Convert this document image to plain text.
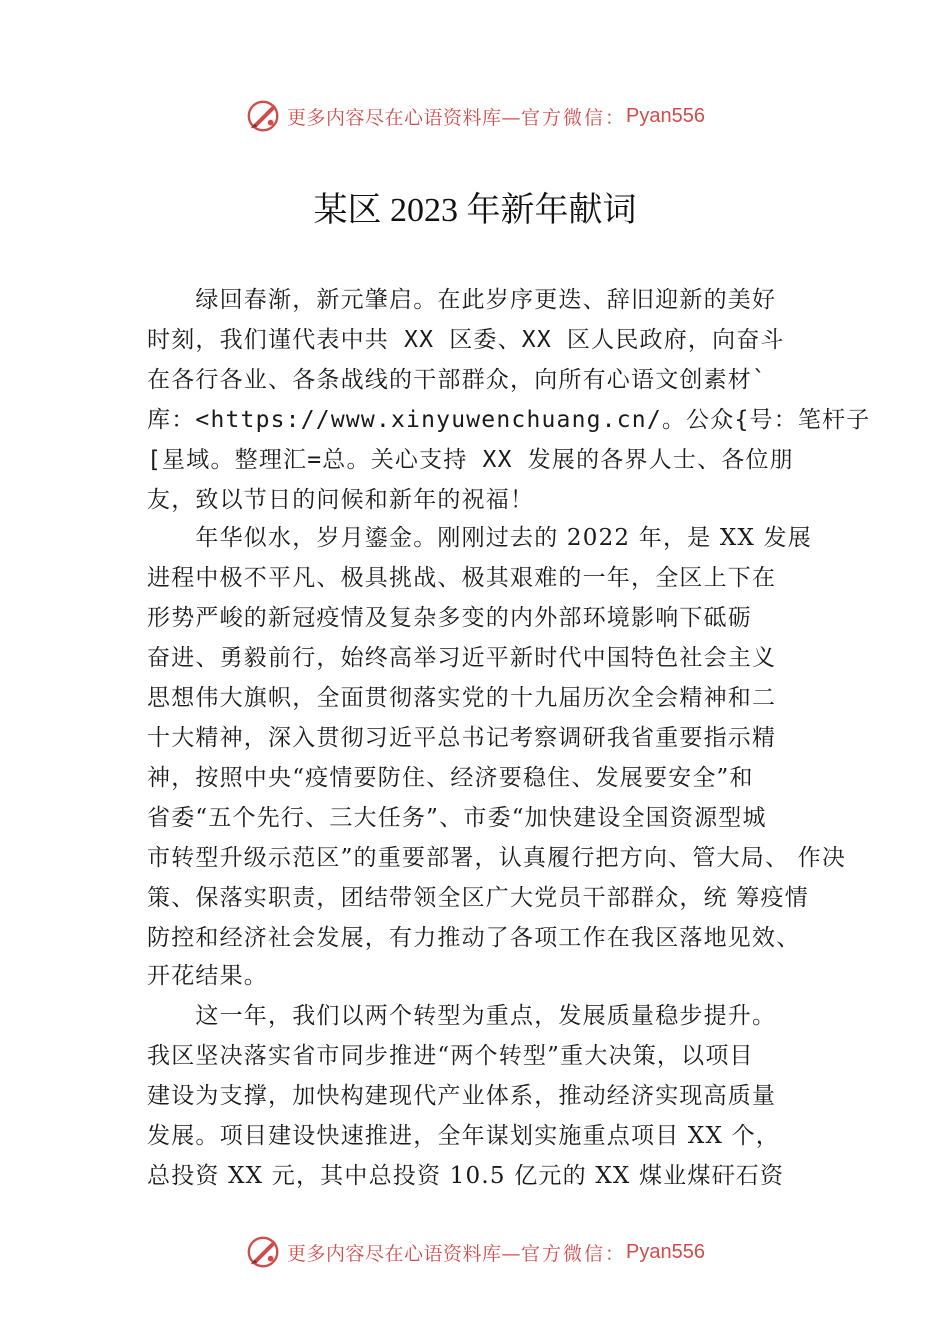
更多内容尽在心语资料库— 官方微信： Pyan556
某区 2023 年新年献词
　　绿回春渐，新元肇启。在此岁序更迭、辞旧迎新的美好
时刻，我们谨代表中共 XX 区委、XX 区人民政府，向奋斗
在各行各业、各条战线的干部群众，向所有心语文创素材`
库：<https://www.xinyuwenchuang.cn/。公众{号：笔杆子
[星域。整理汇=总。关心支持 XX 发展的各界人士、各位朋
友，致以节日的问候和新年的祝福！
　　年华似水，岁月鎏金。刚刚过去的 2022 年，是 XX 发展
进程中极不平凡、极具挑战、极其艰难的一年，全区上下在
形势严峻的新冠疫情及复杂多变的内外部环境影响下砥砺
奋进、勇毅前行，始终高举习近平新时代中国特色社会主义
思想伟大旗帜，全面贯彻落实党的十九届历次全会精神和二
十大精神，深入贯彻习近平总书记考察调研我省重要指示精
神，按照中央“疫情要防住、经济要稳住、发展要安全”和
省委“五个先行、三大任务”、市委“加快建设全国资源型城
市转型升级示范区”的重要部署，认真履行把方向、管大局、 作决
策、保落实职责，团结带领全区广大党员干部群众，统 筹疫情
防控和经济社会发展，有力推动了各项工作在我区落地见效、
开花结果。
　　这一年，我们以两个转型为重点，发展质量稳步提升。
我区坚决落实省市同步推进“两个转型”重大决策，以项目
建设为支撑，加快构建现代产业体系，推动经济实现高质量
发展。项目建设快速推进，全年谋划实施重点项目 XX 个，
总投资 XX 元，其中总投资 10.5 亿元的 XX 煤业煤矸石资
更多内容尽在心语资料库— 官方微信： Pyan556
